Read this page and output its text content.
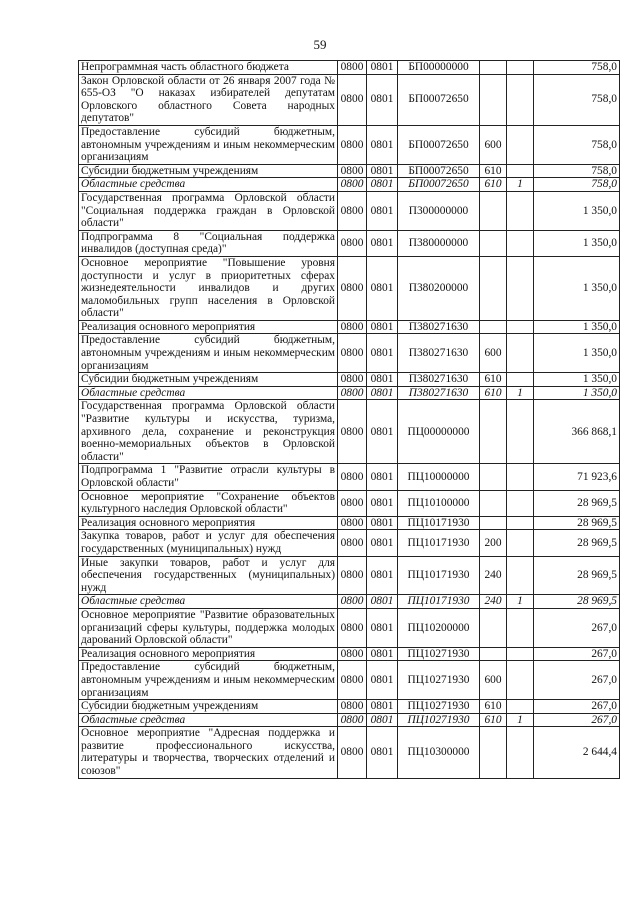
59
Непрограммная часть областного бюджета	0800	0801	БП00000000			758,0
Закон Орловской области от 26 января 2007 года № 655-ОЗ "О наказах избирателей депутатам Орловского областного Совета народных депутатов"	0800	0801	БП00072650			758,0
Предоставление субсидий бюджетным, автономным учреждениям и иным некоммерческим организациям	0800	0801	БП00072650	600		758,0
Субсидии бюджетным учреждениям	0800	0801	БП00072650	610		758,0
Областные средства	0800	0801	БП00072650	610	1	758,0
Государственная программа Орловской области "Социальная поддержка граждан в Орловской области"	0800	0801	П300000000			1 350,0
Подпрограмма 8 "Социальная поддержка инвалидов (доступная среда)"	0800	0801	П380000000			1 350,0
Основное мероприятие "Повышение уровня доступности и услуг в приоритетных сферах жизнедеятельности инвалидов и других маломобильных групп населения в Орловской области"	0800	0801	П380200000			1 350,0
Реализация основного мероприятия	0800	0801	П380271630			1 350,0
Предоставление субсидий бюджетным, автономным учреждениям и иным некоммерческим организациям	0800	0801	П380271630	600		1 350,0
Субсидии бюджетным учреждениям	0800	0801	П380271630	610		1 350,0
Областные средства	0800	0801	П380271630	610	1	1 350,0
Государственная программа Орловской области "Развитие культуры и искусства, туризма, архивного дела, сохранение и реконструкция военно-мемориальных объектов в Орловской области"	0800	0801	ПЦ00000000			366 868,1
Подпрограмма 1 "Развитие отрасли культуры в Орловской области"	0800	0801	ПЦ10000000			71 923,6
Основное мероприятие "Сохранение объектов культурного наследия Орловской области"	0800	0801	ПЦ10100000			28 969,5
Реализация основного мероприятия	0800	0801	ПЦ10171930			28 969,5
Закупка товаров, работ и услуг для обеспечения государственных (муниципальных) нужд	0800	0801	ПЦ10171930	200		28 969,5
Иные закупки товаров, работ и услуг для обеспечения государственных (муниципальных) нужд	0800	0801	ПЦ10171930	240		28 969,5
Областные средства	0800	0801	ПЦ10171930	240	1	28 969,5
Основное мероприятие "Развитие образовательных организаций сферы культуры, поддержка молодых дарований Орловской области"	0800	0801	ПЦ10200000			267,0
Реализация основного мероприятия	0800	0801	ПЦ10271930			267,0
Предоставление субсидий бюджетным, автономным учреждениям и иным некоммерческим организациям	0800	0801	ПЦ10271930	600		267,0
Субсидии бюджетным учреждениям	0800	0801	ПЦ10271930	610		267,0
Областные средства	0800	0801	ПЦ10271930	610	1	267,0
Основное мероприятие "Адресная поддержка и развитие профессионального искусства, литературы и творчества, творческих отделений и союзов"	0800	0801	ПЦ10300000			2 644,4
